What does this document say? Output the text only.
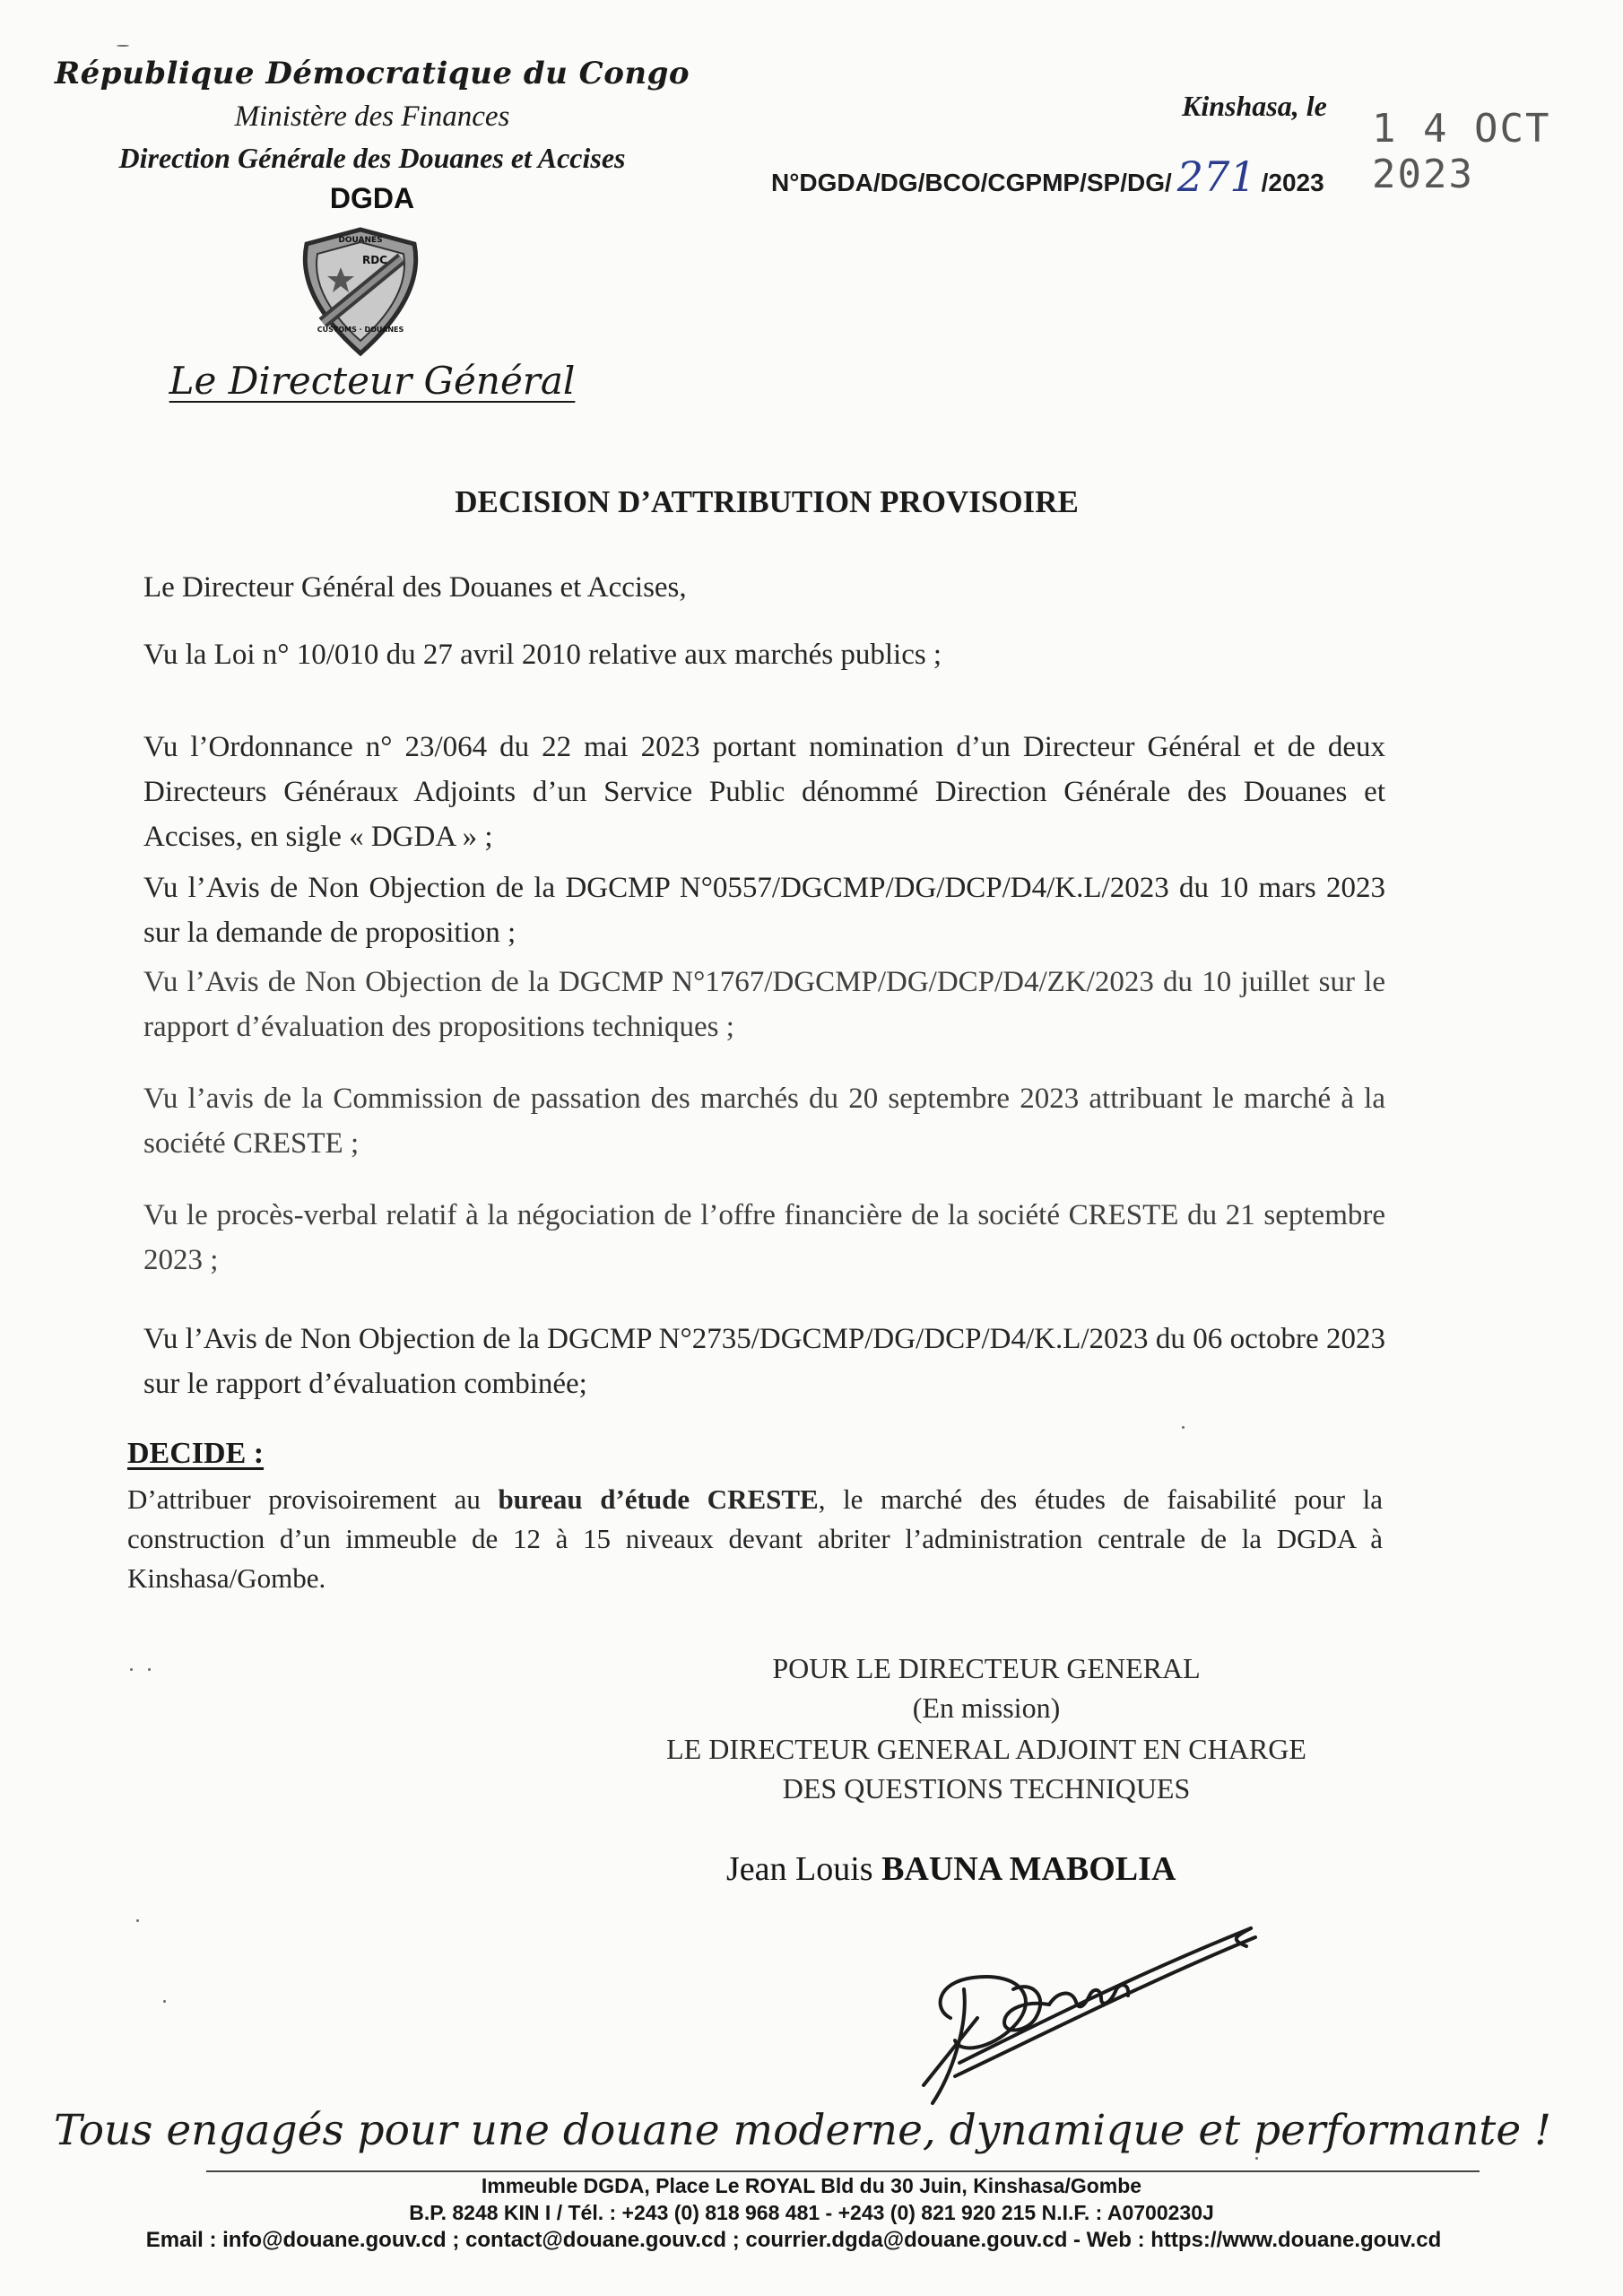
République Démocratique du Congo
Ministère des Finances
Direction Générale des Douanes et Accises
DGDA
DOUANES
RDC
CUSTOMS · DOUANES
Le Directeur Général
Kinshasa, le 1 4 OCT 2023
N°DGDA/DG/BCO/CGPMP/SP/DG/ 271 /2023
DECISION D’ATTRIBUTION PROVISOIRE
Le Directeur Général des Douanes et Accises,
Vu la Loi n° 10/010 du 27 avril 2010 relative aux marchés publics ;
Vu l’Ordonnance n° 23/064 du 22 mai 2023 portant nomination d’un Directeur Général et de deux Directeurs Généraux Adjoints d’un Service Public dénommé Direction Générale des Douanes et Accises, en sigle « DGDA » ;
Vu l’Avis de Non Objection de la DGCMP N°0557/DGCMP/DG/DCP/D4/K.L/2023 du 10 mars 2023 sur la demande de proposition ;
Vu l’Avis de Non Objection de la DGCMP N°1767/DGCMP/DG/DCP/D4/ZK/2023 du 10 juillet sur le rapport d’évaluation des propositions techniques ;
Vu l’avis de la Commission de passation des marchés du 20 septembre 2023 attribuant le marché à la société CRESTE ;
Vu le procès-verbal relatif à la négociation de l’offre financière de la société CRESTE du 21 septembre 2023 ;
Vu l’Avis de Non Objection de la DGCMP N°2735/DGCMP/DG/DCP/D4/K.L/2023 du 06 octobre 2023 sur le rapport d’évaluation combinée;
DECIDE :
D’attribuer provisoirement au bureau d’étude CRESTE, le marché des études de faisabilité pour la construction d’un immeuble de 12 à 15 niveaux devant abriter l’administration centrale de la DGDA à Kinshasa/Gombe.
POUR LE DIRECTEUR GENERAL
(En mission)
LE DIRECTEUR GENERAL ADJOINT EN CHARGE
DES QUESTIONS TECHNIQUES
Jean Louis BAUNA MABOLIA
Tous engagés pour une douane moderne, dynamique et performante !
Immeuble DGDA, Place Le ROYAL Bld du 30 Juin, Kinshasa/Gombe
B.P. 8248 KIN I / Tél. : +243 (0) 818 968 481 - +243 (0) 821 920 215 N.I.F. : A0700230J
Email : info@douane.gouv.cd ; contact@douane.gouv.cd ; courrier.dgda@douane.gouv.cd - Web : https://www.douane.gouv.cd
